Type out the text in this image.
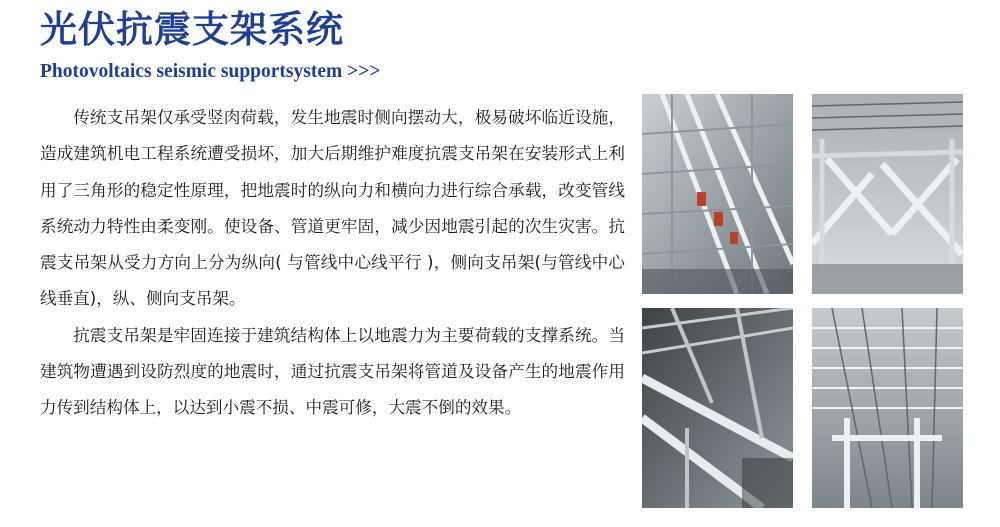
光伏抗震支架系统
Photovoltaics seismic supportsystem >>>

传统支吊架仅承受竖肉荷载，发生地震时侧向摆动大，极易破坏临近设施，造成建筑机电工程系统遭受损坏，加大后期维护难度抗震支吊架在安装形式上利用了三角形的稳定性原理，把地震时的纵向力和横向力进行综合承载，改变管线系统动力特性由柔变刚。使设备、管道更牢固，减少因地震引起的次生灾害。抗震支吊架从受力方向上分为纵向( 与管线中心线平行 )，侧向支吊架(与管线中心线垂直)，纵、侧向支吊架。

抗震支吊架是牢固连接于建筑结构体上以地震力为主要荷载的支撑系统。当建筑物遭遇到设防烈度的地震时，通过抗震支吊架将管道及设备产生的地震作用力传到结构体上，以达到小震不损、中震可修，大震不倒的效果。
